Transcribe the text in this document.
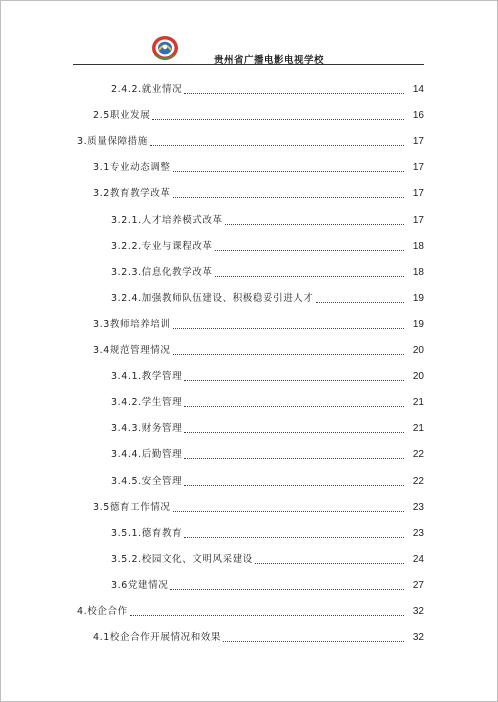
贵州省广播电影电视学校
2.4.2.就业情况	14
2.5职业发展	16
3.质量保障措施	17
3.1专业动态调整	17
3.2教育教学改革	17
3.2.1.人才培养模式改革	17
3.2.2.专业与课程改革	18
3.2.3.信息化教学改革	18
3.2.4.加强教师队伍建设、积极稳妥引进人才	19
3.3教师培养培训	19
3.4规范管理情况	20
3.4.1.教学管理	20
3.4.2.学生管理	21
3.4.3.财务管理	21
3.4.4.后勤管理	22
3.4.5.安全管理	22
3.5德育工作情况	23
3.5.1.德育教育	23
3.5.2.校园文化、文明风采建设	24
3.6党建情况	27
4.校企合作	32
4.1校企合作开展情况和效果	32
